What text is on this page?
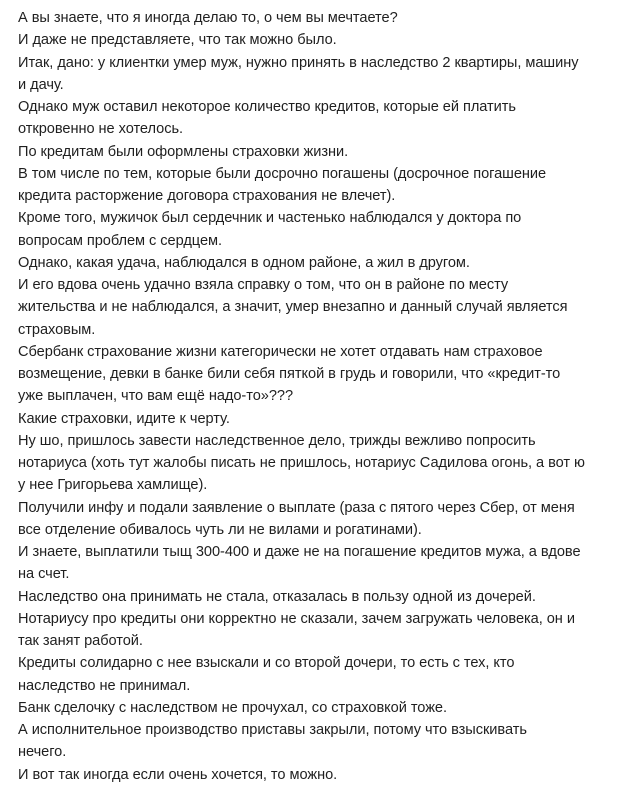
А вы знаете, что я иногда делаю то, о чем вы мечтаете?
И даже не представляете, что так можно было.
Итак, дано: у клиентки умер муж, нужно принять в наследство 2 квартиры, машину
и дачу.
Однако муж оставил некоторое количество кредитов, которые ей платить
откровенно не хотелось.
По кредитам были оформлены страховки жизни.
В том числе по тем, которые были досрочно погашены (досрочное погашение
кредита расторжение договора страхования не влечет).
Кроме того, мужичок был сердечник и частенько наблюдался у доктора по
вопросам проблем с сердцем.
Однако, какая удача, наблюдался в одном районе, а жил в другом.
И его вдова очень удачно взяла справку о том, что он в районе по месту
жительства и не наблюдался, а значит, умер внезапно и данный случай является
страховым.
Сбербанк страхование жизни категорически не хотет отдавать нам страховое
возмещение, девки в банке били себя пяткой в грудь и говорили, что «кредит-то
уже выплачен, что вам ещё надо-то»???
Какие страховки, идите к черту.
Ну шо, пришлось завести наследственное дело, трижды вежливо попросить
нотариуса (хоть тут жалобы писать не пришлось, нотариус Садилова огонь, а вот ю
у нее Григорьева хамлище).
Получили инфу и подали заявление о выплате (раза с пятого через Сбер, от меня
все отделение обивалось чуть ли не вилами и рогатинами).
И знаете, выплатили тыщ 300-400 и даже не на погашение кредитов мужа, а вдове
на счет.
Наследство она принимать не стала, отказалась в пользу одной из дочерей.
Нотариусу про кредиты они корректно не сказали, зачем загружать человека, он и
так занят работой.
Кредиты солидарно с нее взыскали и со второй дочери, то есть с тех, кто
наследство не принимал.
Банк сделочку с наследством не прочухал, со страховкой тоже.
А исполнительное производство приставы закрыли, потому что взыскивать
нечего.
И вот так иногда если очень хочется, то можно.
